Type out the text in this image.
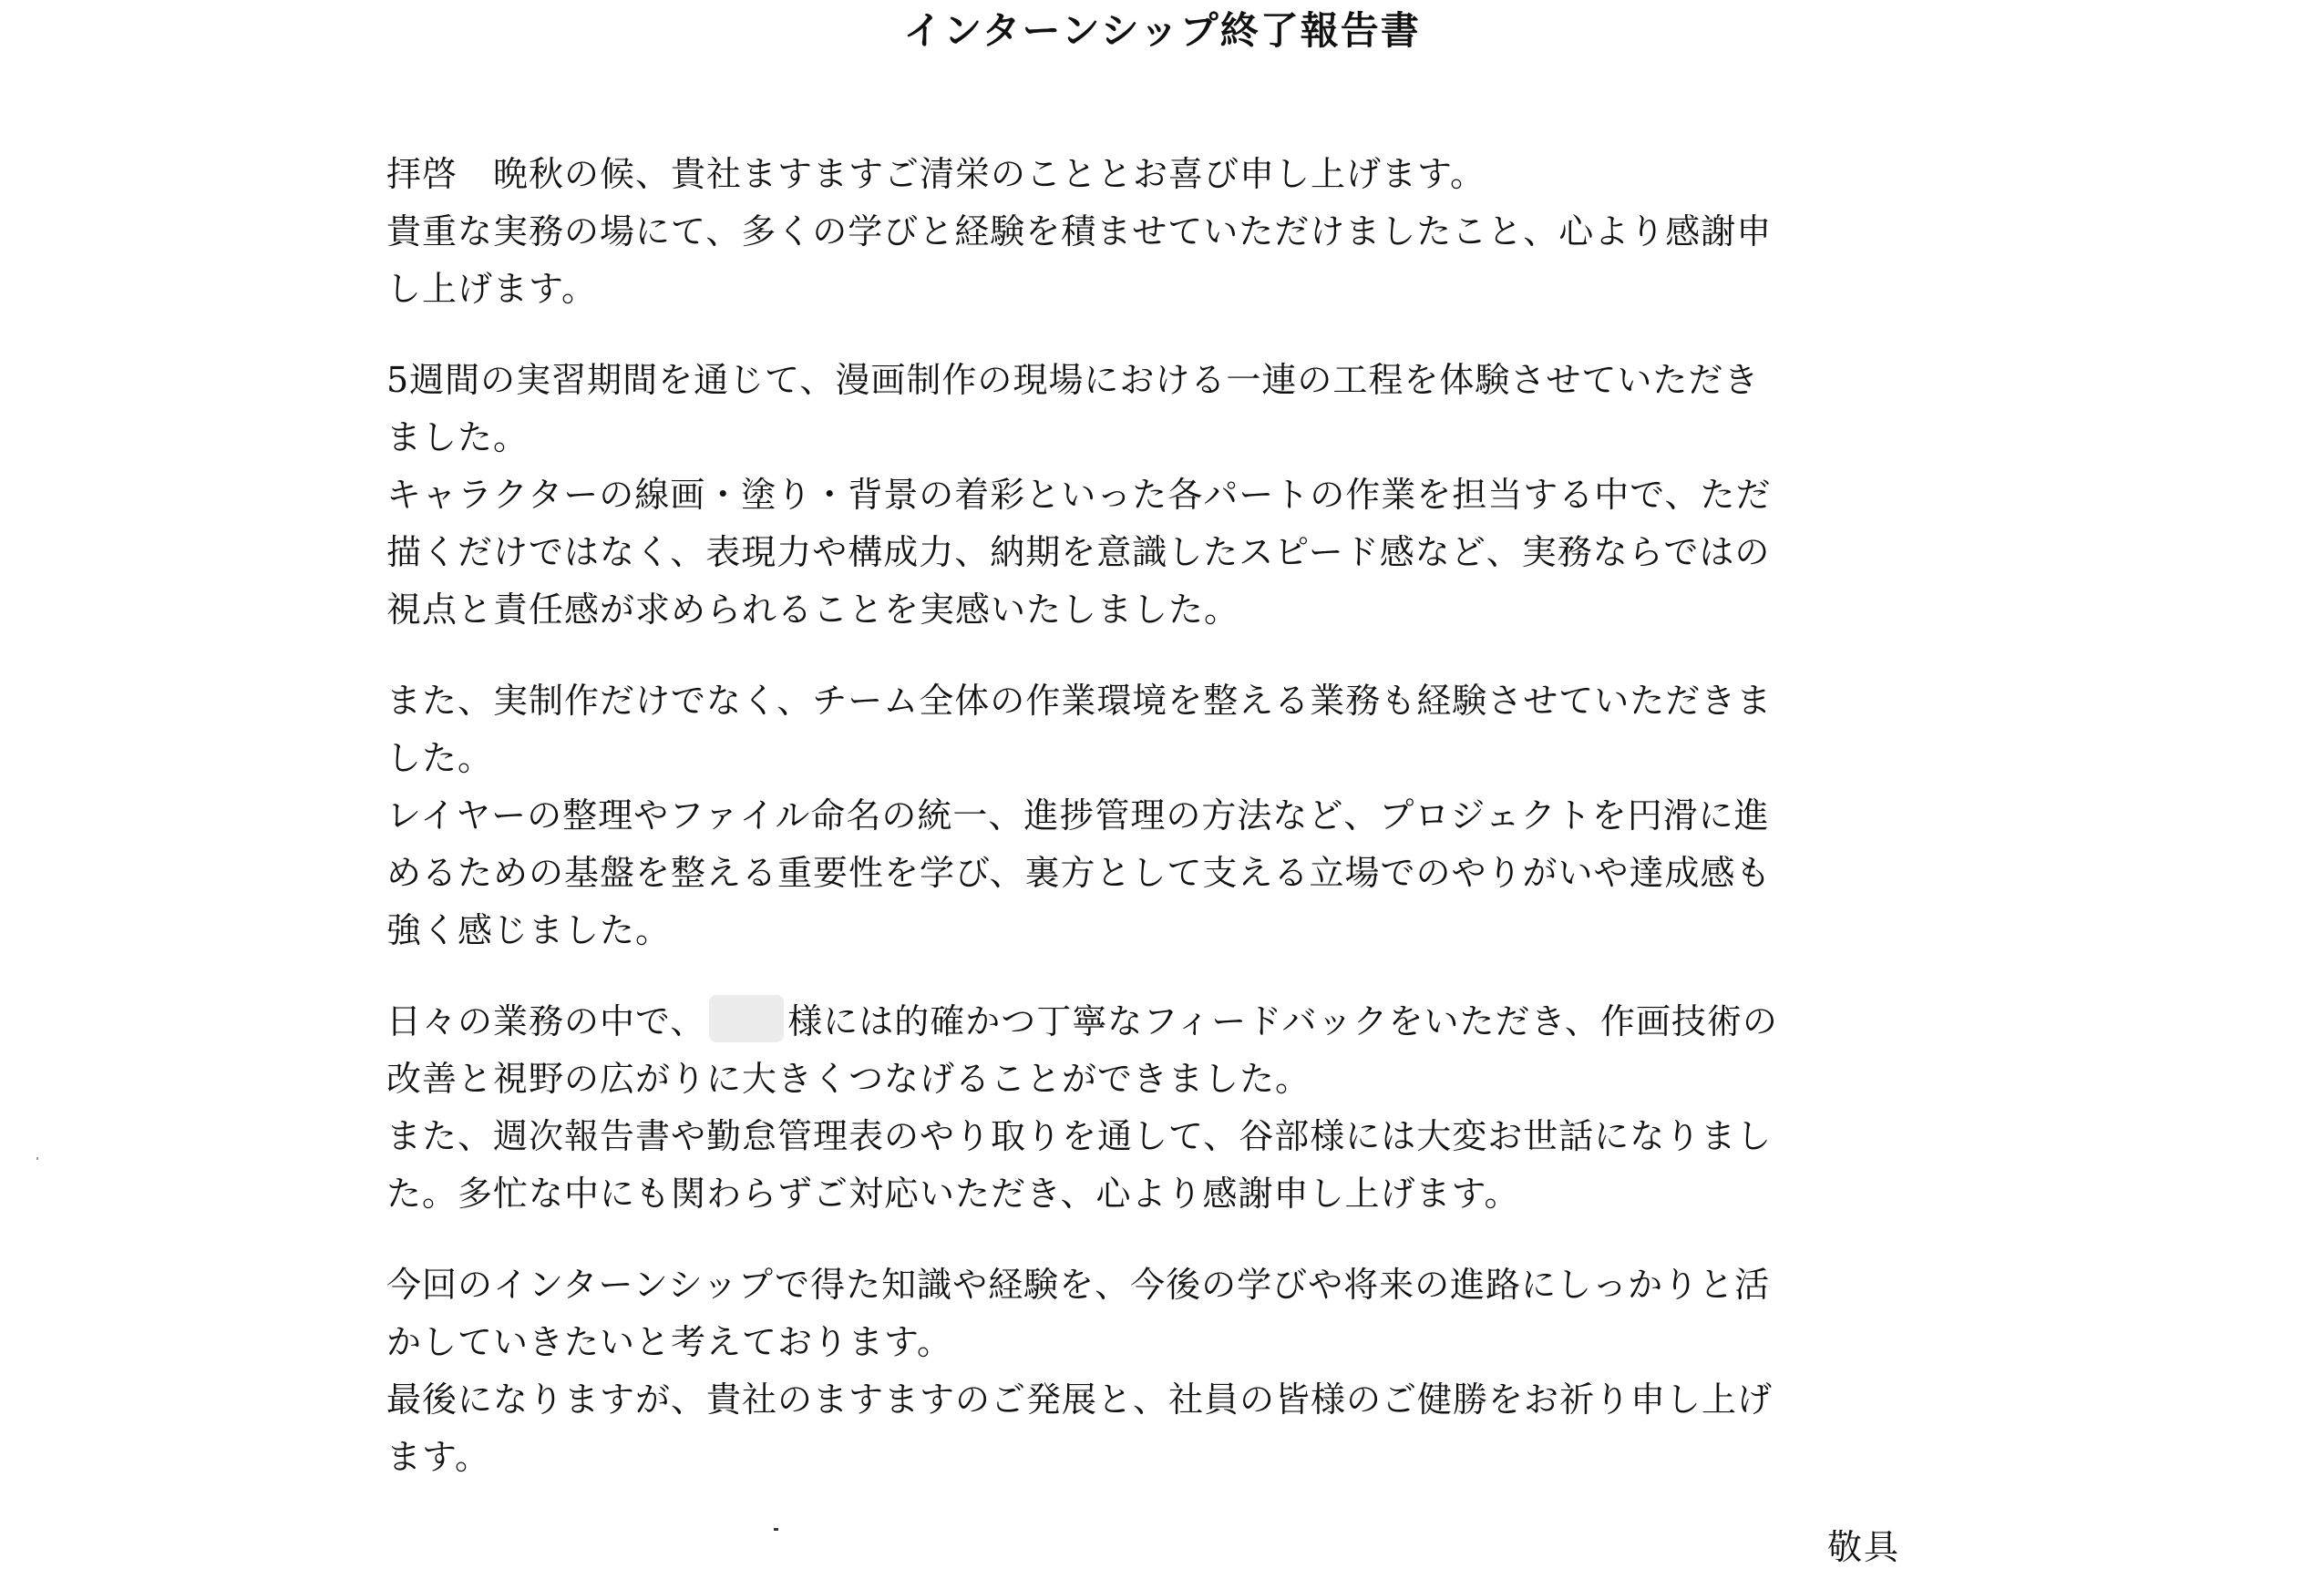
インターンシップ終了報告書
拝啓　晩秋の候、貴社ますますご清栄のこととお喜び申し上げます。
貴重な実務の場にて、多くの学びと経験を積ませていただけましたこと、心より感謝申
し上げます。
5週間の実習期間を通じて、漫画制作の現場における一連の工程を体験させていただき
ました。
キャラクターの線画・塗り・背景の着彩といった各パートの作業を担当する中で、ただ
描くだけではなく、表現力や構成力、納期を意識したスピード感など、実務ならではの
視点と責任感が求められることを実感いたしました。
また、実制作だけでなく、チーム全体の作業環境を整える業務も経験させていただきま
した。
レイヤーの整理やファイル命名の統一、進捗管理の方法など、プロジェクトを円滑に進
めるための基盤を整える重要性を学び、裏方として支える立場でのやりがいや達成感も
強く感じました。
日々の業務の中で、 様には的確かつ丁寧なフィードバックをいただき、作画技術の
改善と視野の広がりに大きくつなげることができました。
また、週次報告書や勤怠管理表のやり取りを通して、谷部様には大変お世話になりまし
た。多忙な中にも関わらずご対応いただき、心より感謝申し上げます。
今回のインターンシップで得た知識や経験を、今後の学びや将来の進路にしっかりと活
かしていきたいと考えております。
最後になりますが、貴社のますますのご発展と、社員の皆様のご健勝をお祈り申し上げ
ます。
敬具
